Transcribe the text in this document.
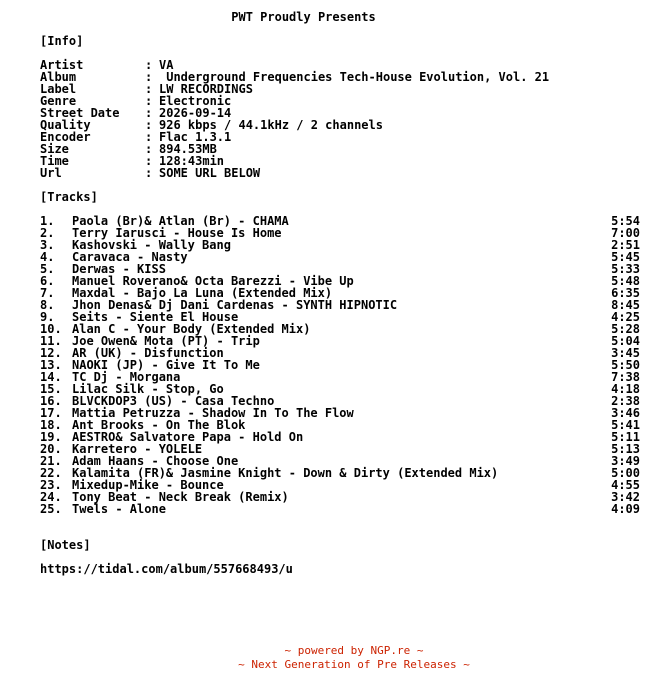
PWT Proudly Presents
[Info]
Artist	: VA
Album	: Underground Frequencies Tech-House Evolution, Vol. 21
Label	: LW RECORDINGS
Genre	: Electronic
Street Date	: 2026-09-14
Quality	: 926 kbps / 44.1kHz / 2 channels
Encoder	: Flac 1.3.1
Size	: 894.53MB
Time	: 128:43min
Url	: SOME URL BELOW
[Tracks]
1.	Paola (Br)& Atlan (Br) - CHAMA	5:54
2.	Terry Iarusci - House Is Home	7:00
3.	Kashovski - Wally Bang	2:51
4.	Caravaca - Nasty	5:45
5.	Derwas - KISS	5:33
6.	Manuel Roverano& Octa Barezzi - Vibe Up	5:48
7.	Maxdal - Bajo La Luna (Extended Mix)	6:35
8.	Jhon Denas& Dj Dani Cardenas - SYNTH HIPNOTIC	8:45
9.	Seits - Siente El House	4:25
10. Alan C - Your Body (Extended Mix)	5:28
11. Joe Owen& Mota (PT) - Trip	5:04
12. AR (UK) - Disfunction	3:45
13. NAOKI (JP) - Give It To Me	5:50
14. TC Dj - Morgana	7:38
15. Lilac Silk - Stop, Go	4:18
16. BLVCKDOP3 (US) - Casa Techno	2:38
17. Mattia Petruzza - Shadow In To The Flow	3:46
18. Ant Brooks - On The Blok	5:41
19. AESTRO& Salvatore Papa - Hold On	5:11
20. Karretero - YOLELE	5:13
21. Adam Haans - Choose One	3:49
22. Kalamita (FR)& Jasmine Knight - Down & Dirty (Extended Mix)	5:00
23. Mixedup-Mike - Bounce	4:55
24. Tony Beat - Neck Break (Remix)	3:42
25. Twels - Alone	4:09
[Notes]
https://tidal.com/album/557668493/u
~ powered by NGP.re ~
~ Next Generation of Pre Releases ~
